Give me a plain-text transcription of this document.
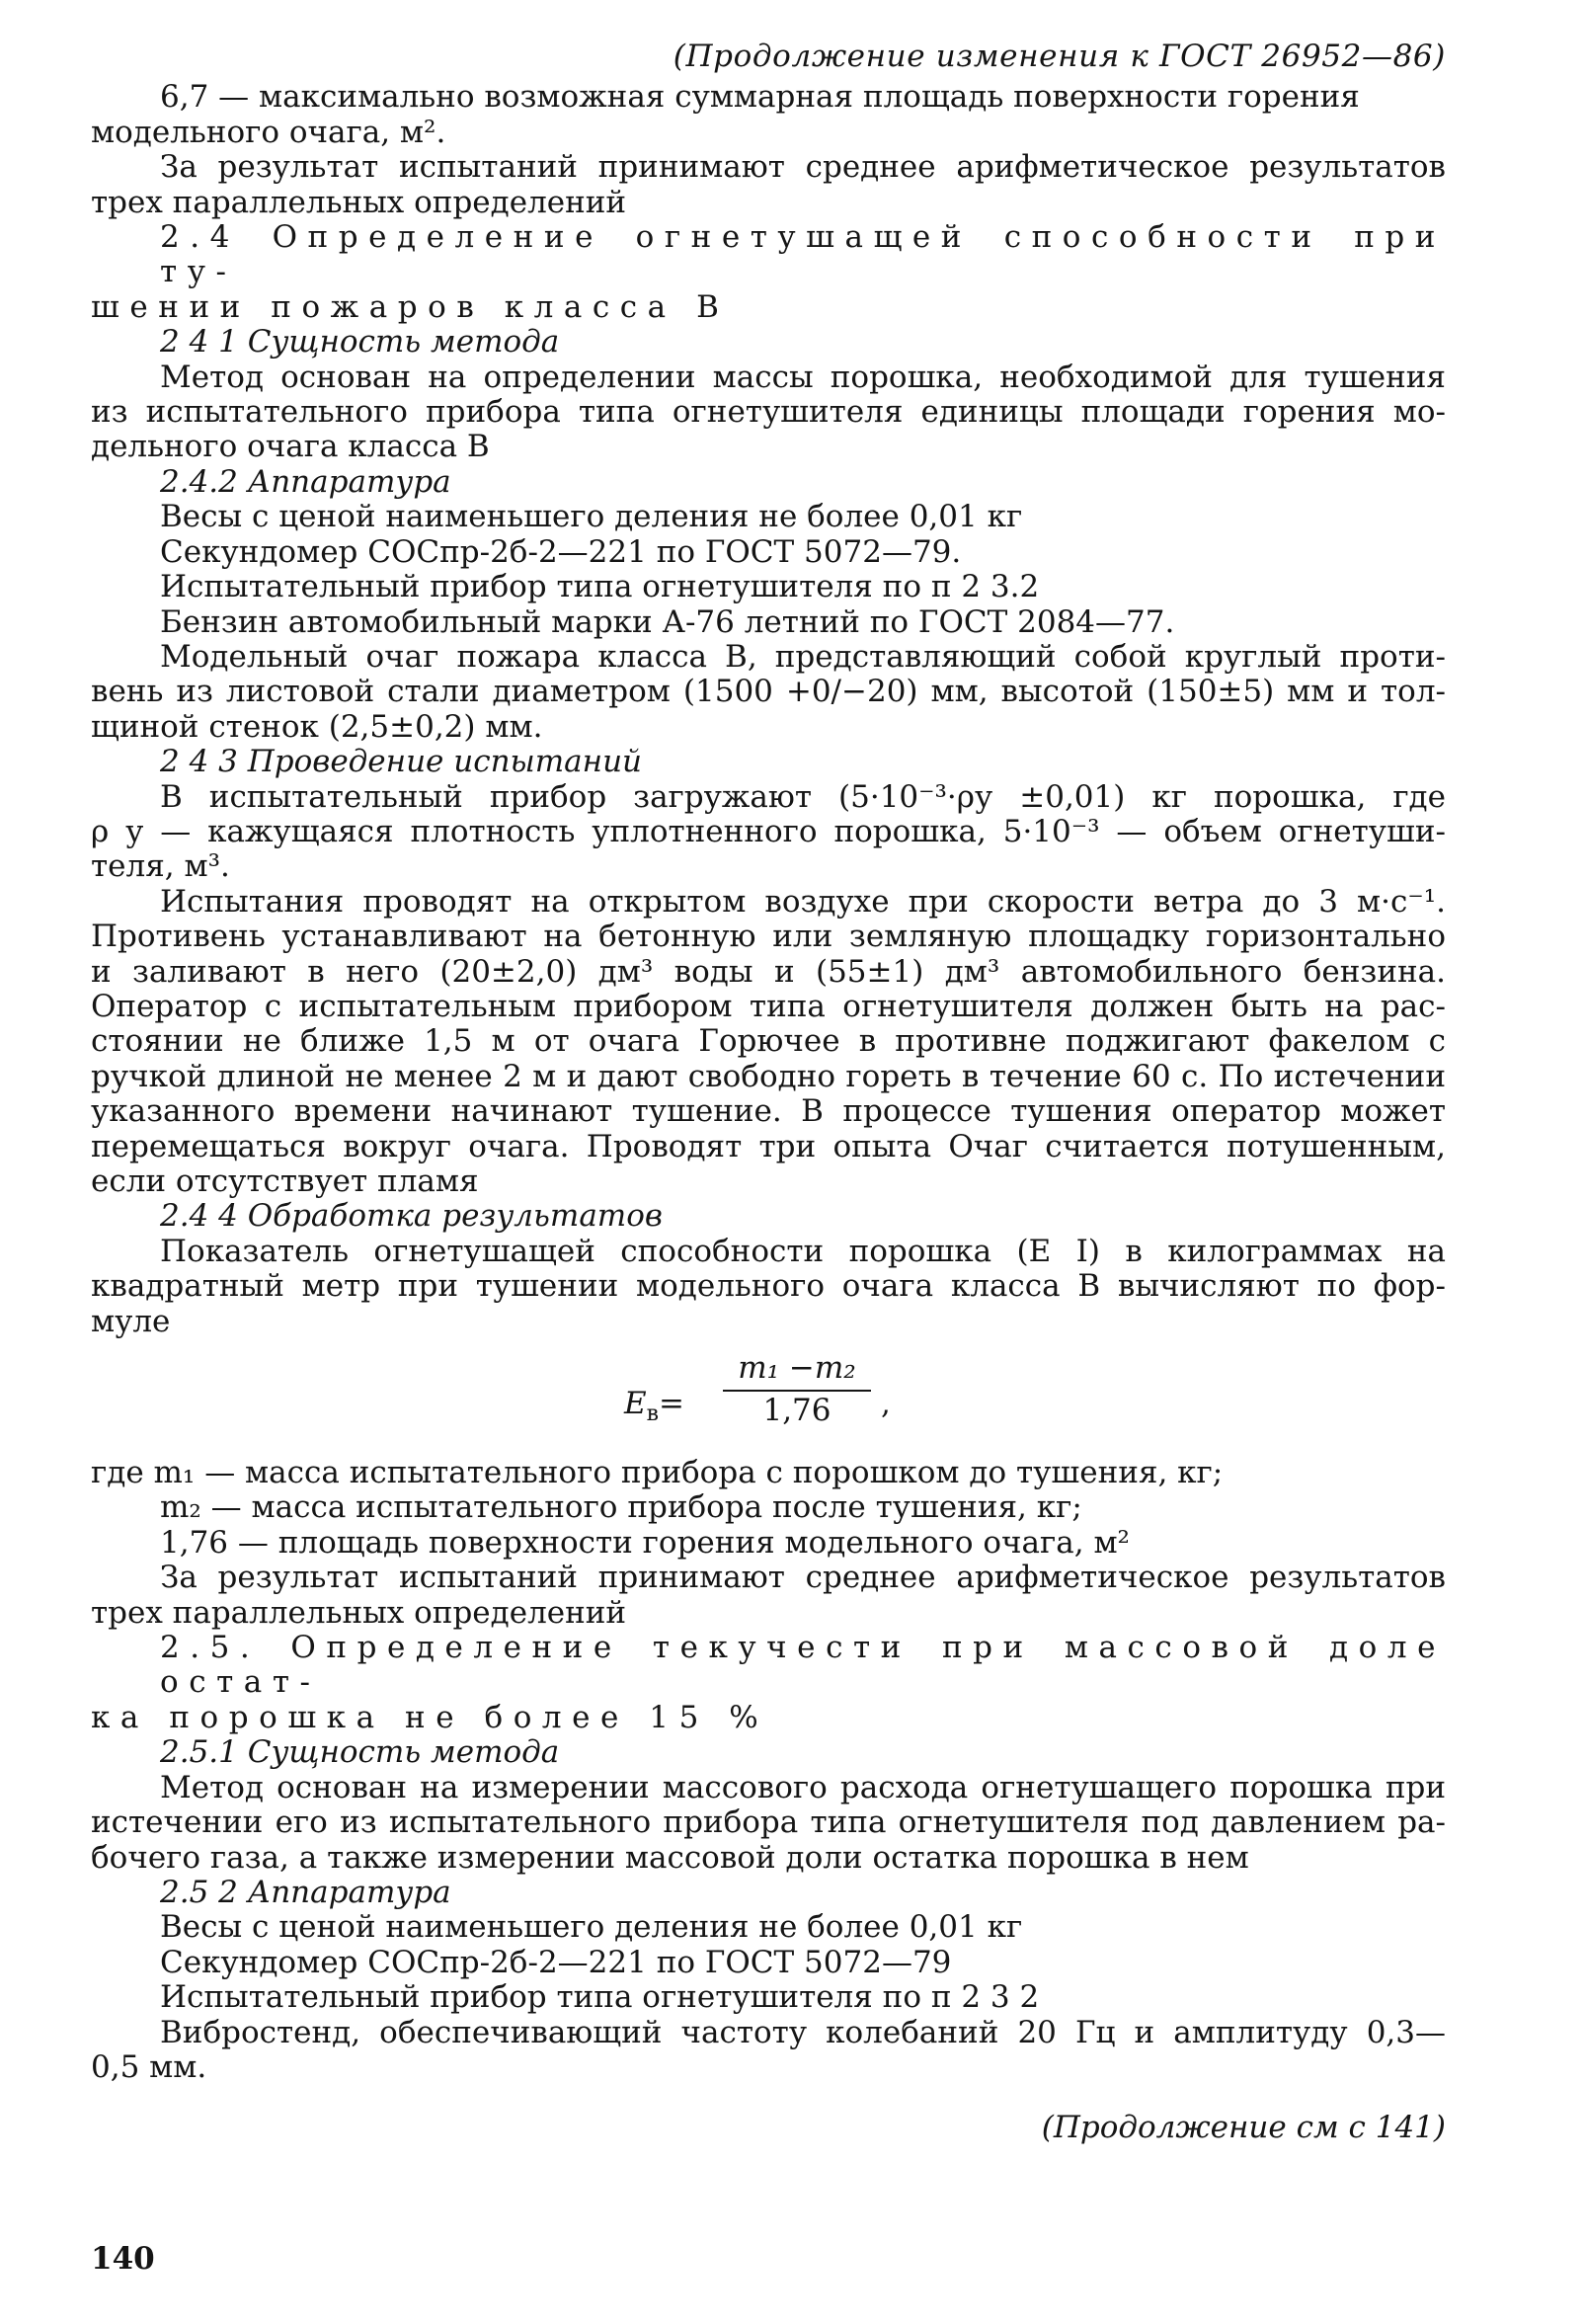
(Продолжение изменения к ГОСТ 26952—86)

6,7 — максимально возможная суммарная площадь поверхности горения

модельного очага, м².

За результат испытаний принимают среднее арифметическое результатов

трех параллельных определений

2.4 Определение огнетушащей способности при ту-

шении пожаров класса В

2 4 1 Сущность метода

Метод основан на определении массы порошка, необходимой для тушения

из испытательного прибора типа огнетушителя единицы площади горения мо-

дельного очага класса В

2.4.2 Аппаратура

Весы с ценой наименьшего деления не более 0,01 кг

Секундомер СОСпр-2б-2—221 по ГОСТ 5072—79.

Испытательный прибор типа огнетушителя по п 2 3.2

Бензин автомобильный марки А-76 летний по ГОСТ 2084—77.

Модельный очаг пожара класса В, представляющий собой круглый проти-

вень из листовой стали диаметром (1500 +0/−20) мм, высотой (150±5) мм и тол-

щиной стенок (2,5±0,2) мм.

2 4 3 Проведение испытаний

В испытательный прибор загружают (5·10⁻³·ρу ±0,01) кг порошка, где

ρ у — кажущаяся плотность уплотненного порошка, 5·10⁻³ — объем огнетуши-

теля, м³.

Испытания проводят на открытом воздухе при скорости ветра до 3 м·с⁻¹.

Противень устанавливают на бетонную или земляную площадку горизонтально

и заливают в него (20±2,0) дм³ воды и (55±1) дм³ автомобильного бензина.

Оператор с испытательным прибором типа огнетушителя должен быть на рас-

стоянии не ближе 1,5 м от очага Горючее в противне поджигают факелом с

ручкой длиной не менее 2 м и дают свободно гореть в течение 60 с. По истечении

указанного времени начинают тушение. В процессе тушения оператор может

перемещаться вокруг очага. Проводят три опыта Очаг считается потушенным,

если отсутствует пламя

2.4 4 Обработка результатов

Показатель огнетушащей способности порошка (Е I) в килограммах на

квадратный метр при тушении модельного очага класса В вычисляют по фор-

муле

$Е_в= \frac{\text{m₁ −m₂}}{1,76}$ ,

где m₁ — масса испытательного прибора с порошком до тушения, кг;

m₂ — масса испытательного прибора после тушения, кг;

1,76 — площадь поверхности горения модельного очага, м²

За результат испытаний принимают среднее арифметическое результатов

трех параллельных определений

2.5. Определение текучести при массовой доле остат-

ка порошка не более 15 %

2.5.1 Сущность метода

Метод основан на измерении массового расхода огнетушащего порошка при

истечении его из испытательного прибора типа огнетушителя под давлением ра-

бочего газа, а также измерении массовой доли остатка порошка в нем

2.5 2 Аппаратура

Весы с ценой наименьшего деления не более 0,01 кг

Секундомер СОСпр-2б-2—221 по ГОСТ 5072—79

Испытательный прибор типа огнетушителя по п 2 3 2

Вибростенд, обеспечивающий частоту колебаний 20 Гц и амплитуду 0,3—

0,5 мм.

(Продолжение см с 141)

140
